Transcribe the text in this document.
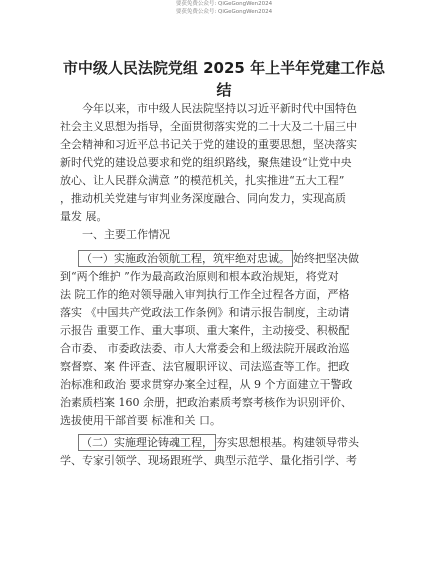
要获免费公众号: QiGeGongWen2024
要获免费公众号: QiGeGongWen2024
市中级人民法院党组 2025 年上半年党建工作总
结
今年以来，市中级人民法院坚持以习近平新时代中国特色
社会主义思想为指导，全面贯彻落实党的二十大及二十届三中
全会精神和习近平总书记关于党的建设的重要思想，坚决落实
新时代党的建设总要求和党的组织路线，聚焦建设“让党中央
放心、让人民群众满意 ”的模范机关，扎实推进“五大工程”
，推动机关党建与审判业务深度融合、同向发力，实现高质
量发 展。
一、主要工作情况
（一）实施政治领航工程，筑牢绝对忠诚。 始终把坚决做
到“两个维护 ”作为最高政治原则和根本政治规矩，将党对
法 院工作的绝对领导融入审判执行工作全过程各方面，严格
落实 《中国共产党政法工作条例》和请示报告制度，主动请
示报告 重要工作、重大事项、重大案件，主动接受、积极配
合市委、 市委政法委、市人大常委会和上级法院开展政治巡
察督察、案 件评查、法官履职评议、司法巡查等工作。把政
治标准和政治 要求贯穿办案全过程，从 9 个方面建立干警政
治素质档案 160 余册，把政治素质考察考核作为识别评价、
选拔使用干部首要 标准和关 口。
（二）实施理论铸魂工程， 夯实思想根基。构建领导带头
学、专家引领学、现场跟班学、典型示范学、量化指引学、考
